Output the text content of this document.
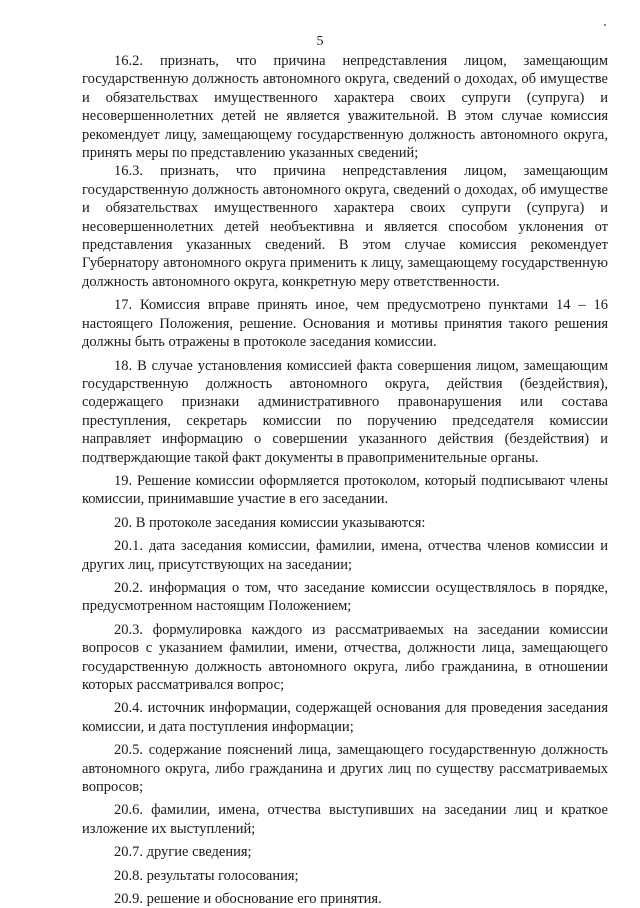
5

16.2. признать, что причина непредставления лицом, замещающим государственную должность автономного округа, сведений о доходах, об имуществе и обязательствах имущественного характера своих супруги (супруга) и несовершеннолетних детей не является уважительной. В этом случае комиссия рекомендует лицу, замещающему государственную должность автономного округа, принять меры по представлению указанных сведений;

16.3. признать, что причина непредставления лицом, замещающим государственную должность автономного округа, сведений о доходах, об имуществе и обязательствах имущественного характера своих супруги (супруга) и несовершеннолетних детей необъективна и является способом уклонения от представления указанных сведений. В этом случае комиссия рекомендует Губернатору автономного округа применить к лицу, замещающему государственную должность автономного округа, конкретную меру ответственности.

17. Комиссия вправе принять иное, чем предусмотрено пунктами 14 – 16 настоящего Положения, решение. Основания и мотивы принятия такого решения должны быть отражены в протоколе заседания комиссии.

18. В случае установления комиссией факта совершения лицом, замещающим государственную должность автономного округа, действия (бездействия), содержащего признаки административного правонарушения или состава преступления, секретарь комиссии по поручению председателя комиссии направляет информацию о совершении указанного действия (бездействия) и подтверждающие такой факт документы в правоприменительные органы.

19. Решение комиссии оформляется протоколом, который подписывают члены комиссии, принимавшие участие в его заседании.

20. В протоколе заседания комиссии указываются:

20.1. дата заседания комиссии, фамилии, имена, отчества членов комиссии и других лиц, присутствующих на заседании;

20.2. информация о том, что заседание комиссии осуществлялось в порядке, предусмотренном настоящим Положением;

20.3. формулировка каждого из рассматриваемых на заседании комиссии вопросов с указанием фамилии, имени, отчества, должности лица, замещающего государственную должность автономного округа, либо гражданина, в отношении которых рассматривался вопрос;

20.4. источник информации, содержащей основания для проведения заседания комиссии, и дата поступления информации;

20.5. содержание пояснений лица, замещающего государственную должность автономного округа, либо гражданина и других лиц по существу рассматриваемых вопросов;

20.6. фамилии, имена, отчества выступивших на заседании лиц и краткое изложение их выступлений;

20.7. другие сведения;

20.8. результаты голосования;

20.9. решение и обоснование его принятия.
